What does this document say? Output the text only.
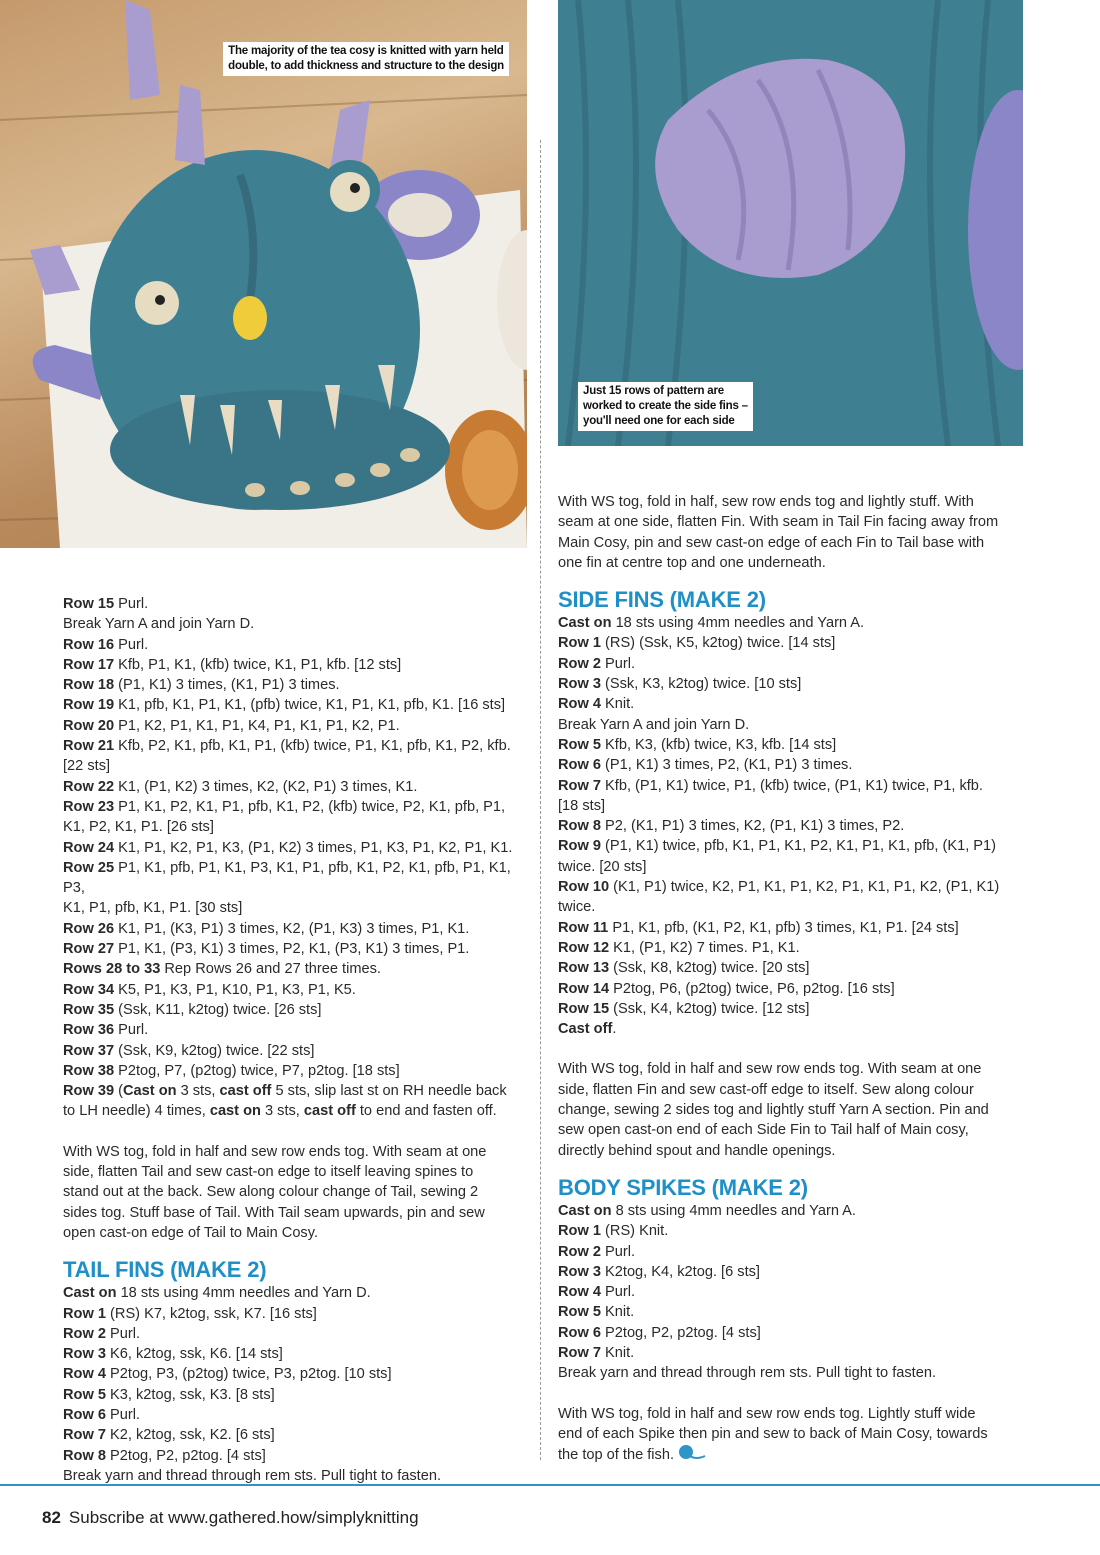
The majority of the tea cosy is knitted with yarn held
double, to add thickness and structure to the design
Just 15 rows of pattern are
worked to create the side fins –
you'll need one for each side

Row 15 Purl.

Break Yarn A and join Yarn D.

Row 16 Purl.

Row 17 Kfb, P1, K1, (kfb) twice, K1, P1, kfb. [12 sts]

Row 18 (P1, K1) 3 times, (K1, P1) 3 times.

Row 19 K1, pfb, K1, P1, K1, (pfb) twice, K1, P1, K1, pfb, K1. [16 sts]

Row 20 P1, K2, P1, K1, P1, K4, P1, K1, P1, K2, P1.

Row 21 Kfb, P2, K1, pfb, K1, P1, (kfb) twice, P1, K1, pfb, K1, P2, kfb.

[22 sts]

Row 22 K1, (P1, K2) 3 times, K2, (K2, P1) 3 times, K1.

Row 23 P1, K1, P2, K1, P1, pfb, K1, P2, (kfb) twice, P2, K1, pfb, P1,

K1, P2, K1, P1. [26 sts]

Row 24 K1, P1, K2, P1, K3, (P1, K2) 3 times, P1, K3, P1, K2, P1, K1.

Row 25 P1, K1, pfb, P1, K1, P3, K1, P1, pfb, K1, P2, K1, pfb, P1, K1, P3,

K1, P1, pfb, K1, P1. [30 sts]

Row 26 K1, P1, (K3, P1) 3 times, K2, (P1, K3) 3 times, P1, K1.

Row 27 P1, K1, (P3, K1) 3 times, P2, K1, (P3, K1) 3 times, P1.

Rows 28 to 33 Rep Rows 26 and 27 three times.

Row 34 K5, P1, K3, P1, K10, P1, K3, P1, K5.

Row 35 (Ssk, K11, k2tog) twice. [26 sts]

Row 36 Purl.

Row 37 (Ssk, K9, k2tog) twice. [22 sts]

Row 38 P2tog, P7, (p2tog) twice, P7, p2tog. [18 sts]

Row 39 (Cast on 3 sts, cast off 5 sts, slip last st on RH needle back

to LH needle) 4 times, cast on 3 sts, cast off to end and fasten off.

With WS tog, fold in half and sew row ends tog. With seam at one

side, flatten Tail and sew cast-on edge to itself leaving spines to

stand out at the back. Sew along colour change of Tail, sewing 2

sides tog. Stuff base of Tail. With Tail seam upwards, pin and sew

open cast-on edge of Tail to Main Cosy.

TAIL FINS (MAKE 2)

Cast on 18 sts using 4mm needles and Yarn D.

Row 1 (RS) K7, k2tog, ssk, K7. [16 sts]

Row 2 Purl.

Row 3 K6, k2tog, ssk, K6. [14 sts]

Row 4 P2tog, P3, (p2tog) twice, P3, p2tog. [10 sts]

Row 5 K3, k2tog, ssk, K3. [8 sts]

Row 6 Purl.

Row 7 K2, k2tog, ssk, K2. [6 sts]

Row 8 P2tog, P2, p2tog. [4 sts]

Break yarn and thread through rem sts. Pull tight to fasten.

With WS tog, fold in half, sew row ends tog and lightly stuff. With

seam at one side, flatten Fin. With seam in Tail Fin facing away from

Main Cosy, pin and sew cast-on edge of each Fin to Tail base with

one fin at centre top and one underneath.

SIDE FINS (MAKE 2)

Cast on 18 sts using 4mm needles and Yarn A.

Row 1 (RS) (Ssk, K5, k2tog) twice. [14 sts]

Row 2 Purl.

Row 3 (Ssk, K3, k2tog) twice. [10 sts]

Row 4 Knit.

Break Yarn A and join Yarn D.

Row 5 Kfb, K3, (kfb) twice, K3, kfb. [14 sts]

Row 6 (P1, K1) 3 times, P2, (K1, P1) 3 times.

Row 7 Kfb, (P1, K1) twice, P1, (kfb) twice, (P1, K1) twice, P1, kfb.

[18 sts]

Row 8 P2, (K1, P1) 3 times, K2, (P1, K1) 3 times, P2.

Row 9 (P1, K1) twice, pfb, K1, P1, K1, P2, K1, P1, K1, pfb, (K1, P1)

twice. [20 sts]

Row 10 (K1, P1) twice, K2, P1, K1, P1, K2, P1, K1, P1, K2, (P1, K1)

twice.

Row 11 P1, K1, pfb, (K1, P2, K1, pfb) 3 times, K1, P1. [24 sts]

Row 12 K1, (P1, K2) 7 times. P1, K1.

Row 13 (Ssk, K8, k2tog) twice. [20 sts]

Row 14 P2tog, P6, (p2tog) twice, P6, p2tog. [16 sts]

Row 15 (Ssk, K4, k2tog) twice. [12 sts]

Cast off.

With WS tog, fold in half and sew row ends tog. With seam at one

side, flatten Fin and sew cast-off edge to itself. Sew along colour

change, sewing 2 sides tog and lightly stuff Yarn A section. Pin and

sew open cast-on end of each Side Fin to Tail half of Main cosy,

directly behind spout and handle openings.

BODY SPIKES (MAKE 2)

Cast on 8 sts using 4mm needles and Yarn A.

Row 1 (RS) Knit.

Row 2 Purl.

Row 3 K2tog, K4, k2tog. [6 sts]

Row 4 Purl.

Row 5 Knit.

Row 6 P2tog, P2, p2tog. [4 sts]

Row 7 Knit.

Break yarn and thread through rem sts. Pull tight to fasten.

With WS tog, fold in half and sew row ends tog. Lightly stuff wide

end of each Spike then pin and sew to back of Main Cosy, towards

the top of the fish.

82 Subscribe at www.gathered.how/simplyknitting
